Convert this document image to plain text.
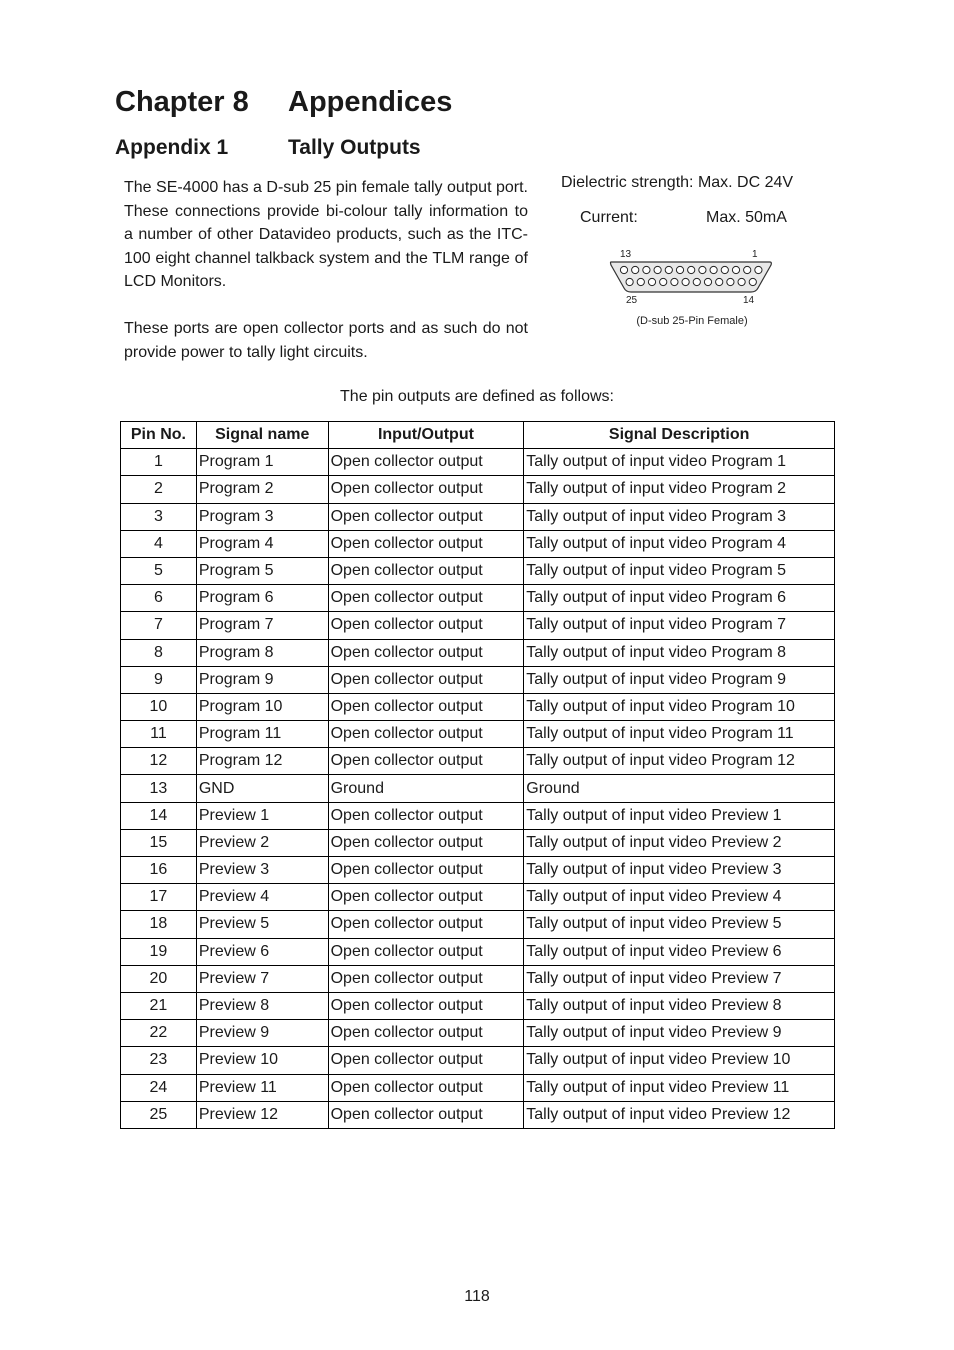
Chapter 8 Appendices
Appendix 1	Tally Outputs

The SE-4000 has a D-sub 25 pin female tally output port. These connections provide bi-colour tally information to a number of other Datavideo products, such as the ITC-100 eight channel talkback system and the TLM range of LCD Monitors.

These ports are open collector ports and as such do not provide power to tally light circuits.

Dielectric strength: Max. DC 24V
Current:	Max. 50mA
13	1
25	14
(D-sub 25-Pin Female)
The pin outputs are defined as follows:
Pin No.	Signal name	Input/Output	Signal Description
1	Program 1	Open collector output	Tally output of input video Program 1
2	Program 2	Open collector output	Tally output of input video Program 2
3	Program 3	Open collector output	Tally output of input video Program 3
4	Program 4	Open collector output	Tally output of input video Program 4
5	Program 5	Open collector output	Tally output of input video Program 5
6	Program 6	Open collector output	Tally output of input video Program 6
7	Program 7	Open collector output	Tally output of input video Program 7
8	Program 8	Open collector output	Tally output of input video Program 8
9	Program 9	Open collector output	Tally output of input video Program 9
10	Program 10	Open collector output	Tally output of input video Program 10
11	Program 11	Open collector output	Tally output of input video Program 11
12	Program 12	Open collector output	Tally output of input video Program 12
13	GND	Ground	Ground
14	Preview 1	Open collector output	Tally output of input video Preview 1
15	Preview 2	Open collector output	Tally output of input video Preview 2
16	Preview 3	Open collector output	Tally output of input video Preview 3
17	Preview 4	Open collector output	Tally output of input video Preview 4
18	Preview 5	Open collector output	Tally output of input video Preview 5
19	Preview 6	Open collector output	Tally output of input video Preview 6
20	Preview 7	Open collector output	Tally output of input video Preview 7
21	Preview 8	Open collector output	Tally output of input video Preview 8
22	Preview 9	Open collector output	Tally output of input video Preview 9
23	Preview 10	Open collector output	Tally output of input video Preview 10
24	Preview 11	Open collector output	Tally output of input video Preview 11
25	Preview 12	Open collector output	Tally output of input video Preview 12
118
